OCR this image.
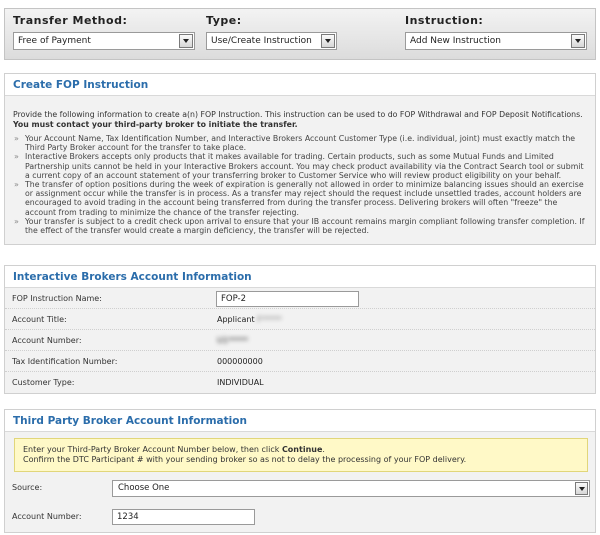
Transfer Method:
Free of Payment
Type:
Use/Create Instruction
Instruction:
Add New Instruction
Create FOP Instruction
Provide the following information to create a(n) FOP Instruction. This instruction can be used to do FOP Withdrawal and FOP Deposit Notifications.
You must contact your third-party broker to initiate the transfer.
» Your Account Name, Tax Identification Number, and Interactive Brokers Account Customer Type (i.e. individual, joint) must exactly match the Third Party Broker account for the transfer to take place.
» Interactive Brokers accepts only products that it makes available for trading. Certain products, such as some Mutual Funds and Limited Partnership units cannot be held in your Interactive Brokers account. You may check product availability via the Contract Search tool or submit a current copy of an account statement of your transferring broker to Customer Service who will review product eligibility on your behalf.
» The transfer of option positions during the week of expiration is generally not allowed in order to minimize balancing issues should an exercise or assignment occur while the transfer is in process. As a transfer may reject should the request include unsettled trades, account holders are encouraged to avoid trading in the account being transferred from during the transfer process. Delivering brokers will often "freeze" the account from trading to minimize the chance of the transfer rejecting.
» Your transfer is subject to a credit check upon arrival to ensure that your IB account remains margin compliant following transfer completion. If the effect of the transfer would create a margin deficiency, the transfer will be rejected.
Interactive Brokers Account Information
FOP Instruction Name:	FOP-2
Account Title:	Applicant F*****
Account Number:	U1*****
Tax Identification Number:	000000000
Customer Type:	INDIVIDUAL
Third Party Broker Account Information
Enter your Third-Party Broker Account Number below, then click Continue.
Confirm the DTC Participant # with your sending broker so as not to delay the processing of your FOP delivery.
Source:	Choose One
Account Number:	1234
